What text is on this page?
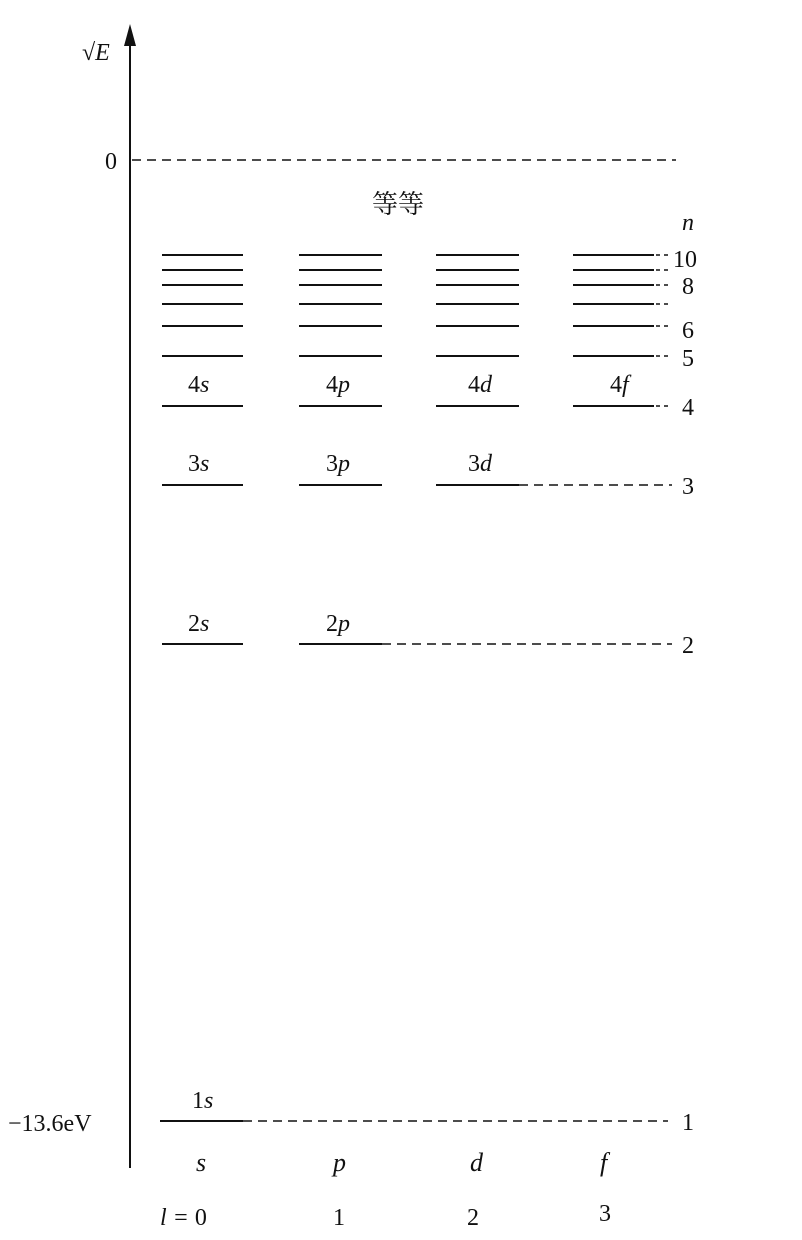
√E
0
等等
n
−13.6eV
10
8
6
5
4
3
2
1
4s	4p	4d	4f
3s	3p	3d
2s	2p
1s
s	p	d	f
l = 0	1	2	3
